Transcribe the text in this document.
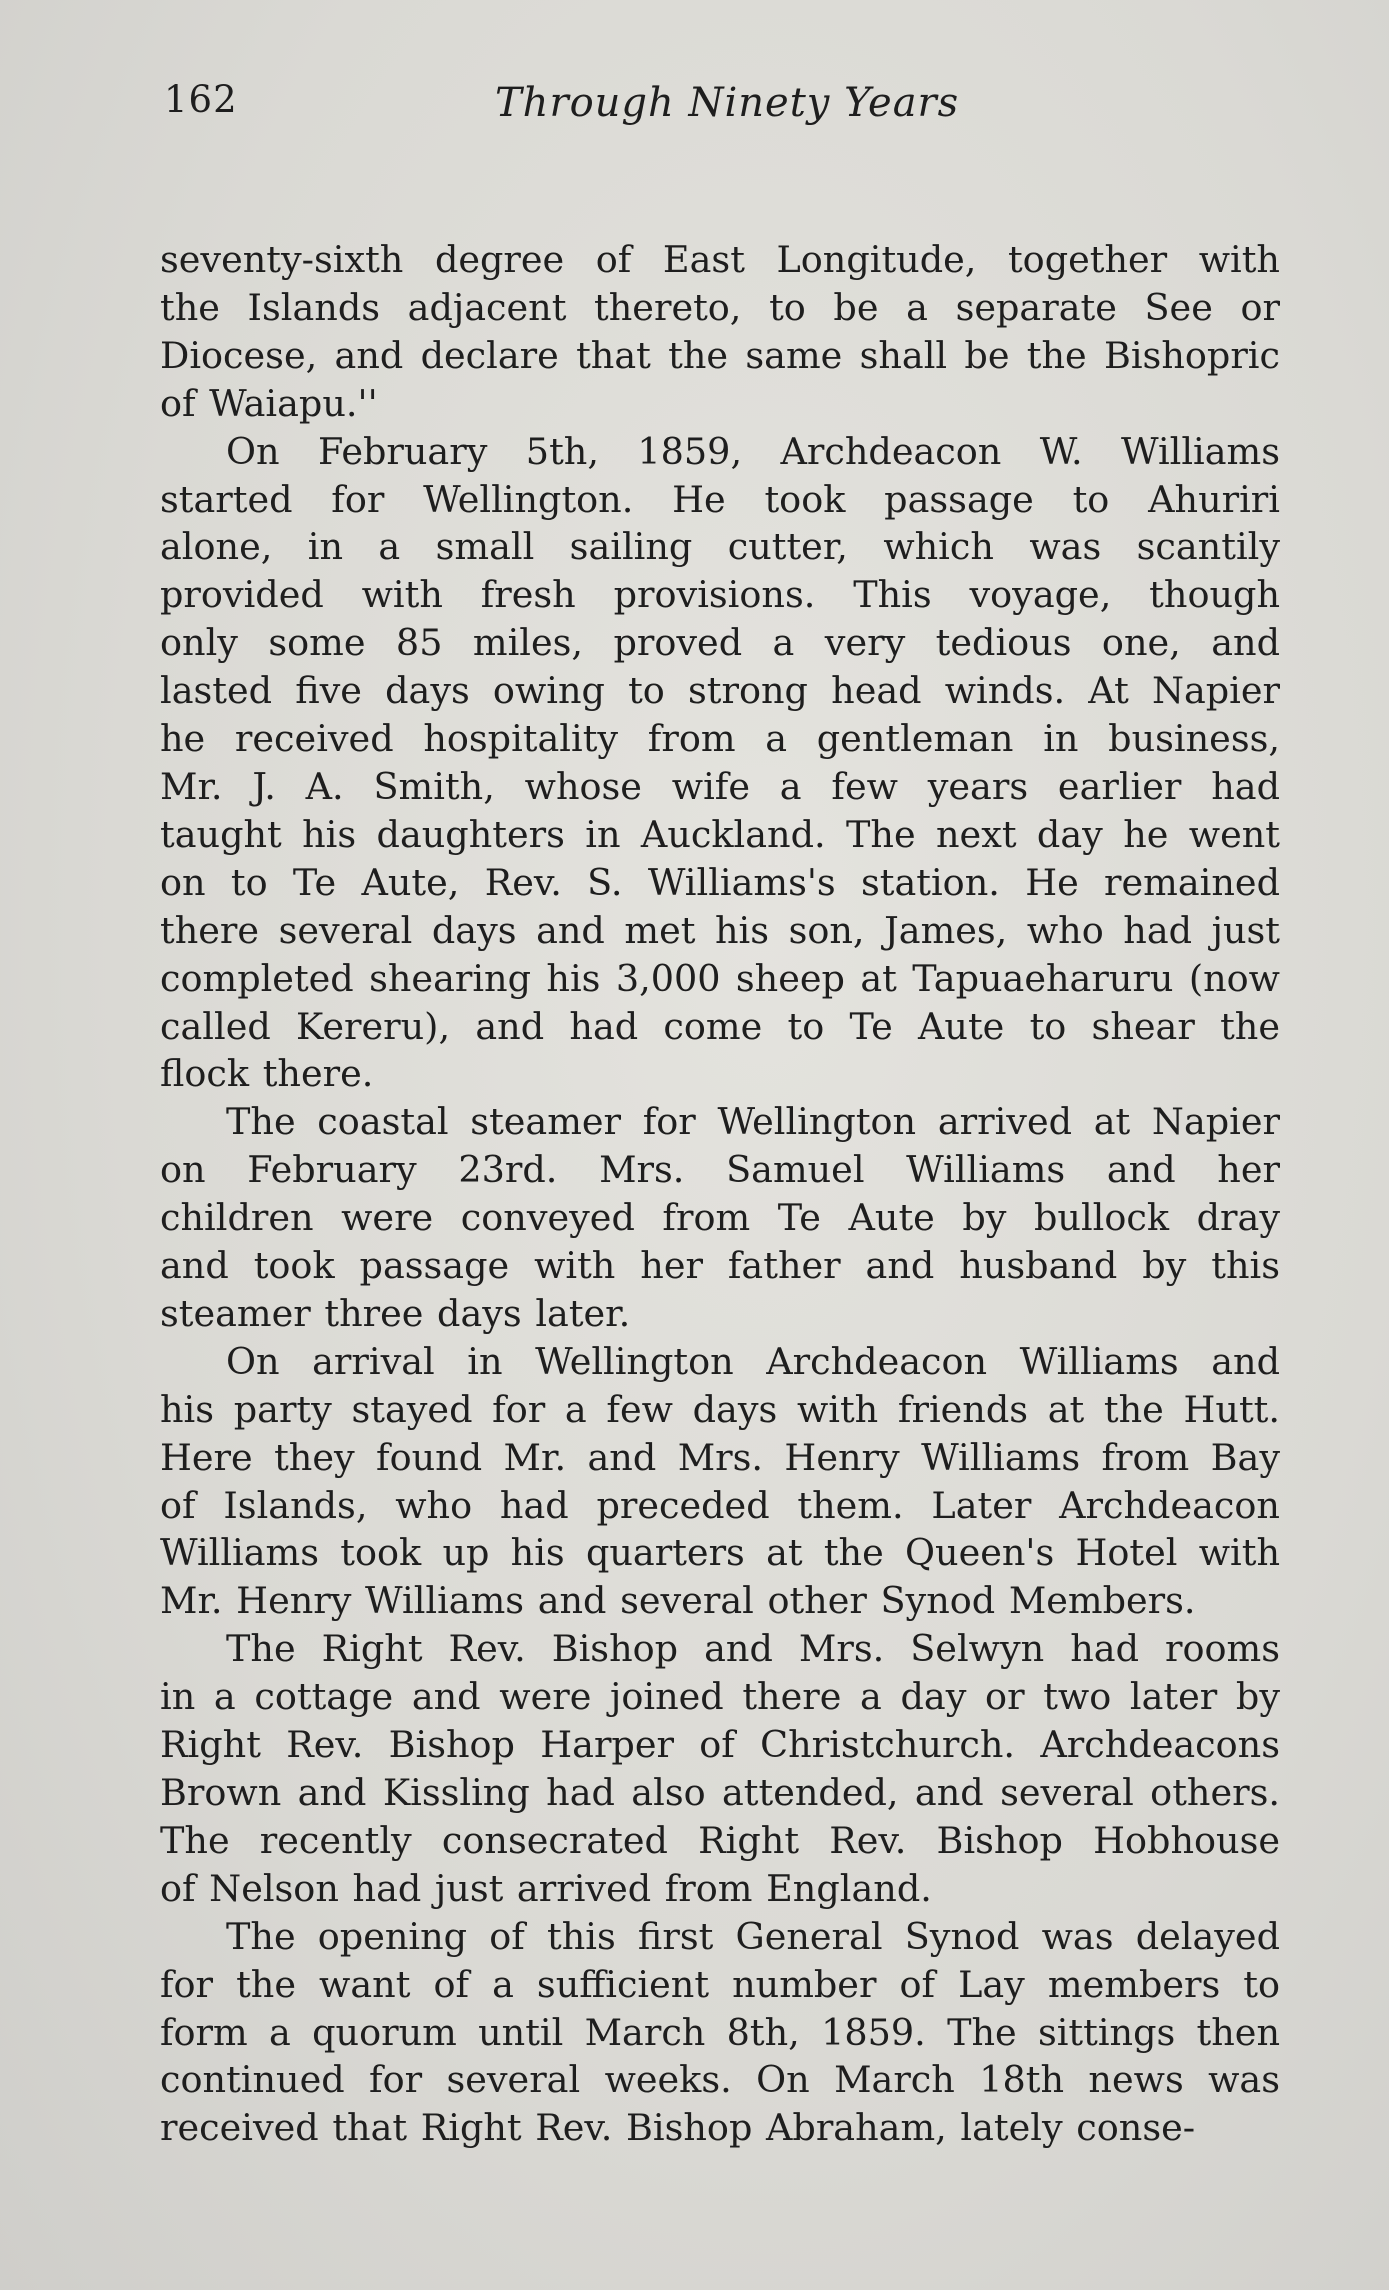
162	Through Ninety Years
seventy-sixth degree of East Longitude, together with
the Islands adjacent thereto, to be a separate See or
Diocese, and declare that the same shall be the Bishopric
of Waiapu.''
On February 5th, 1859, Archdeacon W. Williams
started for Wellington. He took passage to Ahuriri
alone, in a small sailing cutter, which was scantily
provided with fresh provisions. This voyage, though
only some 85 miles, proved a very tedious one, and
lasted five days owing to strong head winds. At Napier
he received hospitality from a gentleman in business,
Mr. J. A. Smith, whose wife a few years earlier had
taught his daughters in Auckland. The next day he went
on to Te Aute, Rev. S. Williams's station. He remained
there several days and met his son, James, who had just
completed shearing his 3,000 sheep at Tapuaeharuru (now
called Kereru), and had come to Te Aute to shear the
flock there.
The coastal steamer for Wellington arrived at Napier
on February 23rd. Mrs. Samuel Williams and her
children were conveyed from Te Aute by bullock dray
and took passage with her father and husband by this
steamer three days later.
On arrival in Wellington Archdeacon Williams and
his party stayed for a few days with friends at the Hutt.
Here they found Mr. and Mrs. Henry Williams from Bay
of Islands, who had preceded them. Later Archdeacon
Williams took up his quarters at the Queen's Hotel with
Mr. Henry Williams and several other Synod Members.
The Right Rev. Bishop and Mrs. Selwyn had rooms
in a cottage and were joined there a day or two later by
Right Rev. Bishop Harper of Christchurch. Archdeacons
Brown and Kissling had also attended, and several others.
The recently consecrated Right Rev. Bishop Hobhouse
of Nelson had just arrived from England.
The opening of this first General Synod was delayed
for the want of a sufficient number of Lay members to
form a quorum until March 8th, 1859. The sittings then
continued for several weeks. On March 18th news was
received that Right Rev. Bishop Abraham, lately conse-
